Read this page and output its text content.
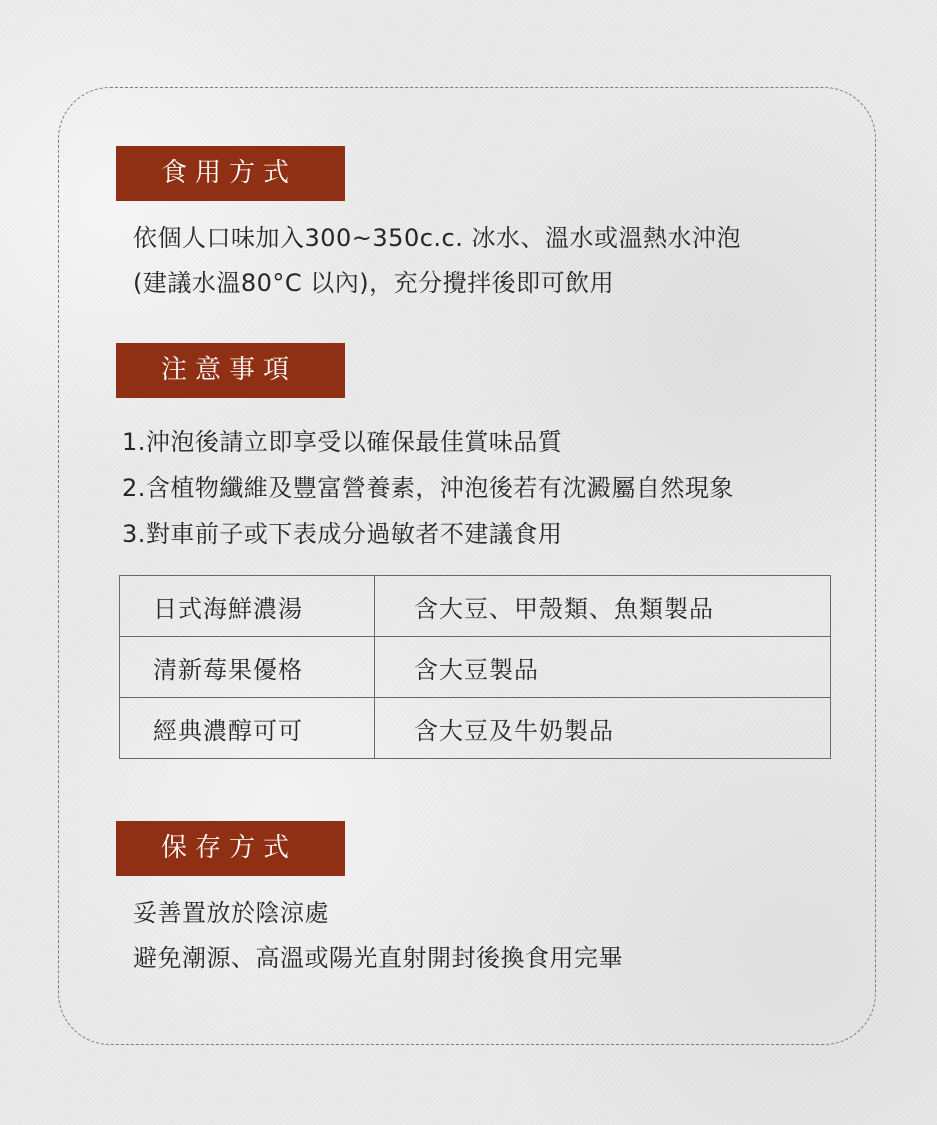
食用方式

依個人口味加入300~350c.c. 冰水、溫水或溫熱水沖泡
(建議水溫80°C 以內)，充分攪拌後即可飲用

注意事項
1.沖泡後請立即享受以確保最佳賞味品質
2.含植物纖維及豐富營養素，沖泡後若有沈澱屬自然現象
3.對車前子或下表成分過敏者不建議食用
日式海鮮濃湯	含大豆、甲殼類、魚類製品
清新莓果優格	含大豆製品
經典濃醇可可	含大豆及牛奶製品
保存方式

妥善置放於陰涼處
避免潮源、高溫或陽光直射開封後換食用完畢
